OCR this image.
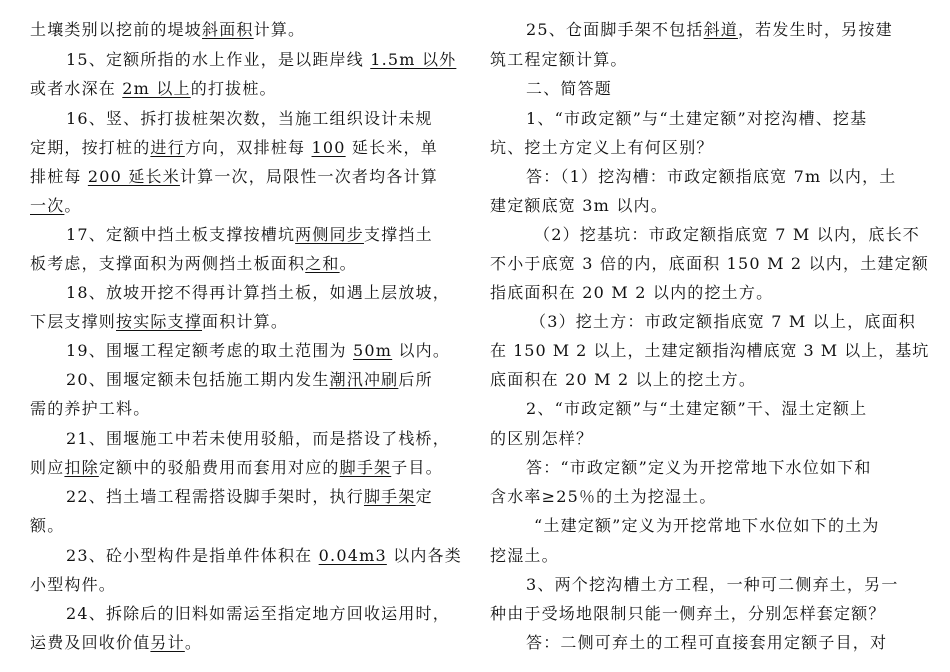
土壤类别以挖前的堤坡斜面积计算。
15、定额所指的水上作业，是以距岸线 1.5m 以外
或者水深在 2m 以上的打拔桩。
16、竖、拆打拔桩架次数，当施工组织设计未规
定期，按打桩的进行方向，双排桩每 100 延长米，单
排桩每 200 延长米计算一次，局限性一次者均各计算
一次。
17、定额中挡土板支撑按槽坑两侧同步支撑挡土
板考虑，支撑面积为两侧挡土板面积之和。
18、放坡开挖不得再计算挡土板，如遇上层放坡，
下层支撑则按实际支撑面积计算。
19、围堰工程定额考虑的取土范围为 50m 以内。
20、围堰定额未包括施工期内发生潮汛冲刷后所
需的养护工料。
21、围堰施工中若未使用驳船，而是搭设了栈桥，
则应扣除定额中的驳船费用而套用对应的脚手架子目。
22、挡土墙工程需搭设脚手架时，执行脚手架定
额。
23、砼小型构件是指单件体积在 0.04m3 以内各类
小型构件。
24、拆除后的旧料如需运至指定地方回收运用时，
运费及回收价值另计。
25、仓面脚手架不包括斜道，若发生时，另按建
筑工程定额计算。
二、简答题
1、“市政定额”与“土建定额”对挖沟槽、挖基
坑、挖土方定义上有何区别？
答：（1）挖沟槽：市政定额指底宽 7m 以内，土
建定额底宽 3m 以内。
（2）挖基坑：市政定额指底宽 7 M 以内，底长不
不小于底宽 3 倍的内，底面积 150 M 2 以内，土建定额
指底面积在 20 M 2 以内的挖土方。
（3）挖土方：市政定额指底宽 7 M 以上，底面积
在 150 M 2 以上，土建定额指沟槽底宽 3 M 以上，基坑
底面积在 20 M 2 以上的挖土方。
2、“市政定额”与“土建定额”干、湿土定额上
的区别怎样？
答：“市政定额”定义为开挖常地下水位如下和
含水率≥25％的土为挖湿土。
“土建定额”定义为开挖常地下水位如下的土为
挖湿土。
3、两个挖沟槽土方工程，一种可二侧弃土，另一
种由于受场地限制只能一侧弃土，分别怎样套定额？
答：二侧可弃土的工程可直接套用定额子目，对
